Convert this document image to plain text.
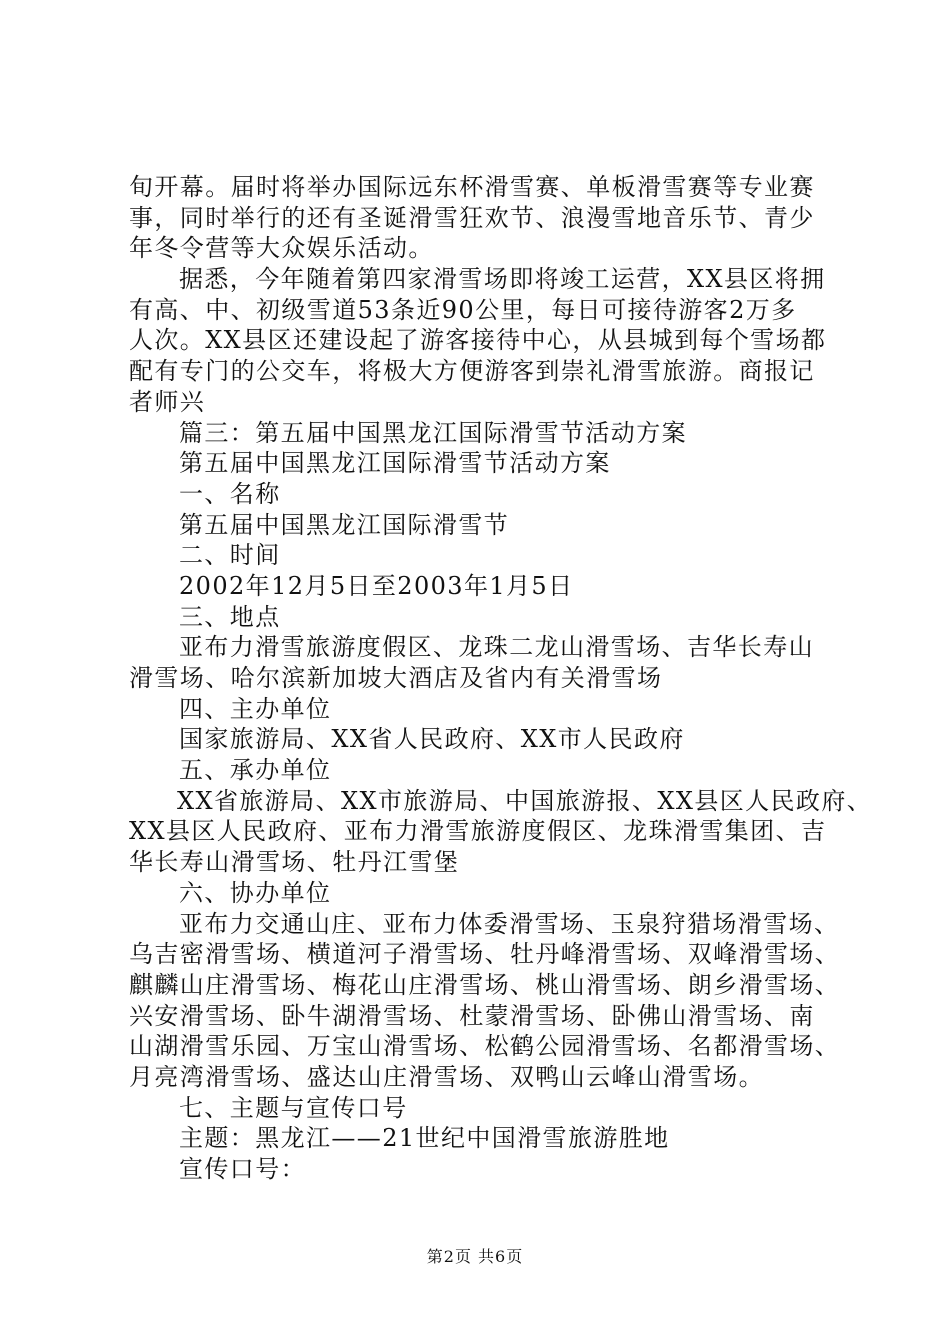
旬开幕。届时将举办国际远东杯滑雪赛、单板滑雪赛等专业赛
事，同时举行的还有圣诞滑雪狂欢节、浪漫雪地音乐节、青少
年冬令营等大众娱乐活动。
据悉，今年随着第四家滑雪场即将竣工运营，XX县区将拥
有高、中、初级雪道53条近90公里，每日可接待游客2万多
人次。XX县区还建设起了游客接待中心，从县城到每个雪场都
配有专门的公交车，将极大方便游客到崇礼滑雪旅游。商报记
者师兴
篇三：第五届中国黑龙江国际滑雪节活动方案
第五届中国黑龙江国际滑雪节活动方案
一、名称
第五届中国黑龙江国际滑雪节
二、时间
2002年12月5日至2003年1月5日
三、地点
亚布力滑雪旅游度假区、龙珠二龙山滑雪场、吉华长寿山
滑雪场、哈尔滨新加坡大酒店及省内有关滑雪场
四、主办单位
国家旅游局、XX省人民政府、XX市人民政府
五、承办单位
XX省旅游局、XX市旅游局、中国旅游报、XX县区人民政府、
XX县区人民政府、亚布力滑雪旅游度假区、龙珠滑雪集团、吉
华长寿山滑雪场、牡丹江雪堡
六、协办单位
亚布力交通山庄、亚布力体委滑雪场、玉泉狩猎场滑雪场、
乌吉密滑雪场、横道河子滑雪场、牡丹峰滑雪场、双峰滑雪场、
麒麟山庄滑雪场、梅花山庄滑雪场、桃山滑雪场、朗乡滑雪场、
兴安滑雪场、卧牛湖滑雪场、杜蒙滑雪场、卧佛山滑雪场、南
山湖滑雪乐园、万宝山滑雪场、松鹤公园滑雪场、名都滑雪场、
月亮湾滑雪场、盛达山庄滑雪场、双鸭山云峰山滑雪场。
七、主题与宣传口号
主题：黑龙江——21世纪中国滑雪旅游胜地
宣传口号：
第2页 共6页
